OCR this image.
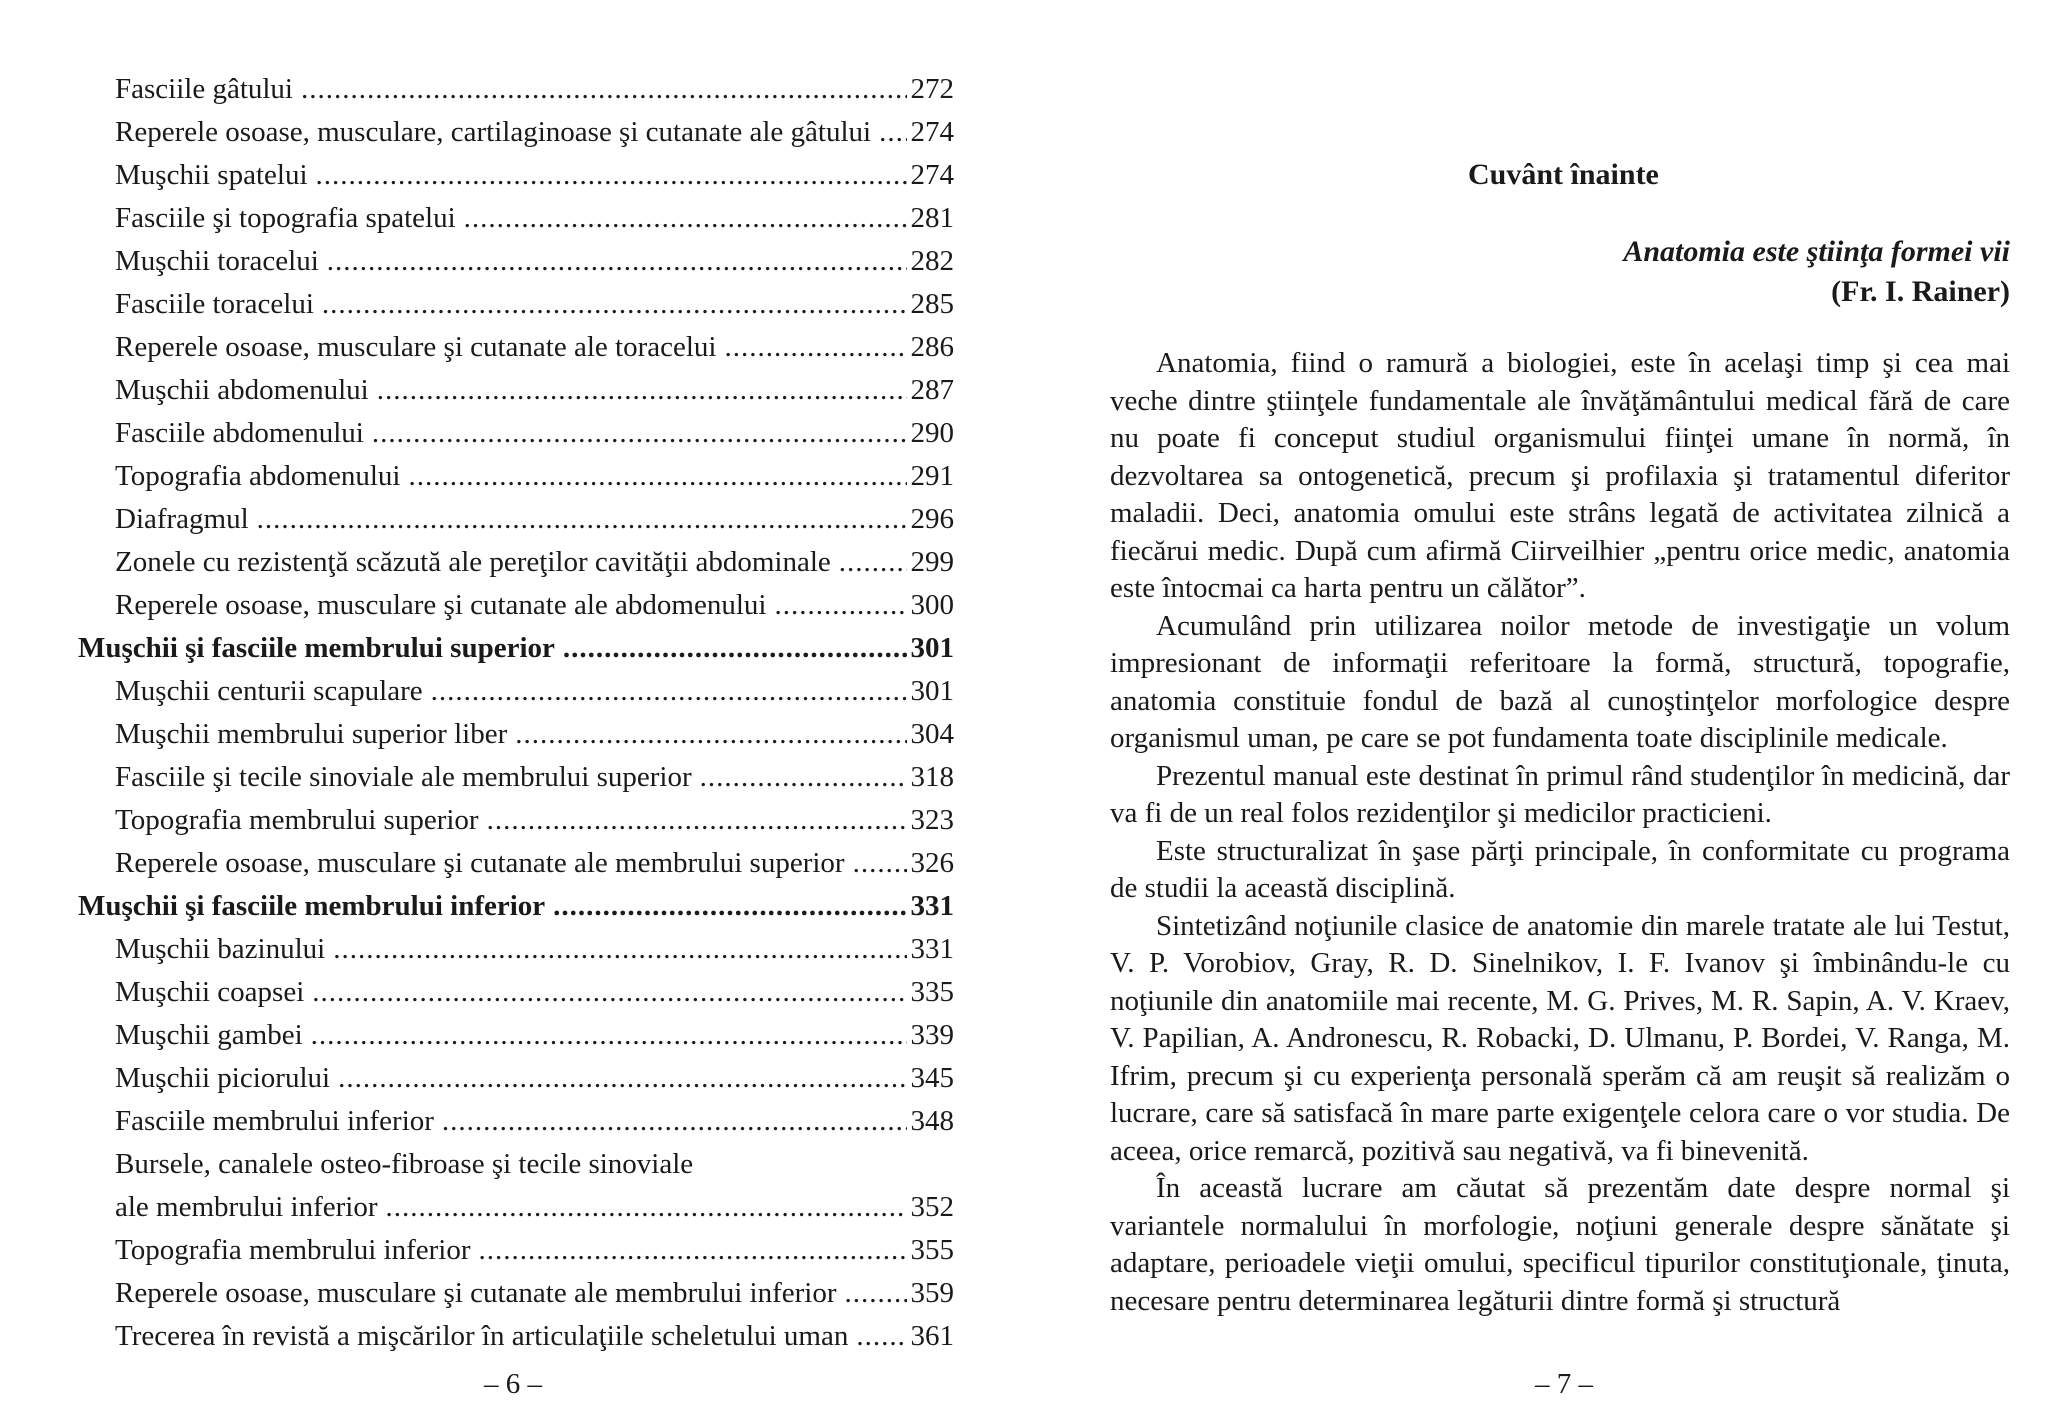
Fasciile gâtului .....	272
Reperele osoase, musculare, cartilaginoase şi cutanate ale gâtului ..... 274
Muşchii spatelui .....	274
Fasciile şi topografia spatelui .....	281
Muşchii toracelui .....	282
Fasciile toracelui .....	285
Reperele osoase, musculare şi cutanate ale toracelui .....	286
Muşchii abdomenului .....	287
Fasciile abdomenului .....	290
Topografia abdomenului .....	291
Diafragmul .....	296
Zonele cu rezistenţă scăzută ale pereţilor cavităţii abdominale .....	299
Reperele osoase, musculare şi cutanate ale abdomenului .....	300
Muşchii şi fasciile membrului superior .....	301
Muşchii centurii scapulare .....	301
Muşchii membrului superior liber .....	304
Fasciile şi tecile sinoviale ale membrului superior .....	318
Topografia membrului superior .....	323
Reperele osoase, musculare şi cutanate ale membrului superior ..... 326
Muşchii şi fasciile membrului inferior .....	331
Muşchii bazinului .....	331
Muşchii coapsei .....	335
Muşchii gambei .....	339
Muşchii piciorului .....	345
Fasciile membrului inferior .....	348
Bursele, canalele osteo-fibroase şi tecile sinoviale
ale membrului inferior .....	352
Topografia membrului inferior .....	355
Reperele osoase, musculare şi cutanate ale membrului inferior .....	359
Trecerea în revistă a mişcărilor în articulaţiile scheletului uman ..... 361
– 6 –
Cuvânt înainte
Anatomia este ştiinţa formei vii
(Fr. I. Rainer)

Anatomia, fiind o ramură a biologiei, este în acelaşi timp şi cea mai veche dintre ştiinţele fundamentale ale învăţământului medical fără de care nu poate fi conceput studiul organismului fiinţei umane în normă, în dezvoltarea sa ontogenetică, precum şi profilaxia şi tratamentul diferitor maladii. Deci, anatomia omului este strâns legată de activitatea zilnică a fiecărui medic. După cum afirmă Ciirveilhier „pentru orice medic, anatomia este întocmai ca harta pentru un călător”.

Acumulând prin utilizarea noilor metode de investigaţie un volum impresionant de informaţii referitoare la formă, structură, topografie, anatomia constituie fondul de bază al cunoştinţelor morfologice despre organismul uman, pe care se pot fundamenta toate disciplinile medicale.

Prezentul manual este destinat în primul rând studenţilor în medicină, dar va fi de un real folos rezidenţilor şi medicilor practicieni.

Este structuralizat în şase părţi principale, în conformitate cu programa de studii la această disciplină.

Sintetizând noţiunile clasice de anatomie din marele tratate ale lui Testut, V. P. Vorobiov, Gray, R. D. Sinelnikov, I. F. Ivanov şi îmbinându-le cu noţiunile din anatomiile mai recente, M. G. Prives, M. R. Sapin, A. V. Kraev, V. Papilian, A. Andronescu, R. Robacki, D. Ulmanu, P. Bordei, V. Ranga, M. Ifrim, precum şi cu experienţa personală sperăm că am reuşit să realizăm o lucrare, care să satisfacă în mare parte exigenţele celora care o vor studia. De aceea, orice remarcă, pozitivă sau negativă, va fi binevenită.

În această lucrare am căutat să prezentăm date despre normal şi variantele normalului în morfologie, noţiuni generale despre sănătate şi adaptare, perioadele vieţii omului, specificul tipurilor constituţionale, ţinuta, necesare pentru determinarea legăturii dintre formă şi structură

– 7 –
